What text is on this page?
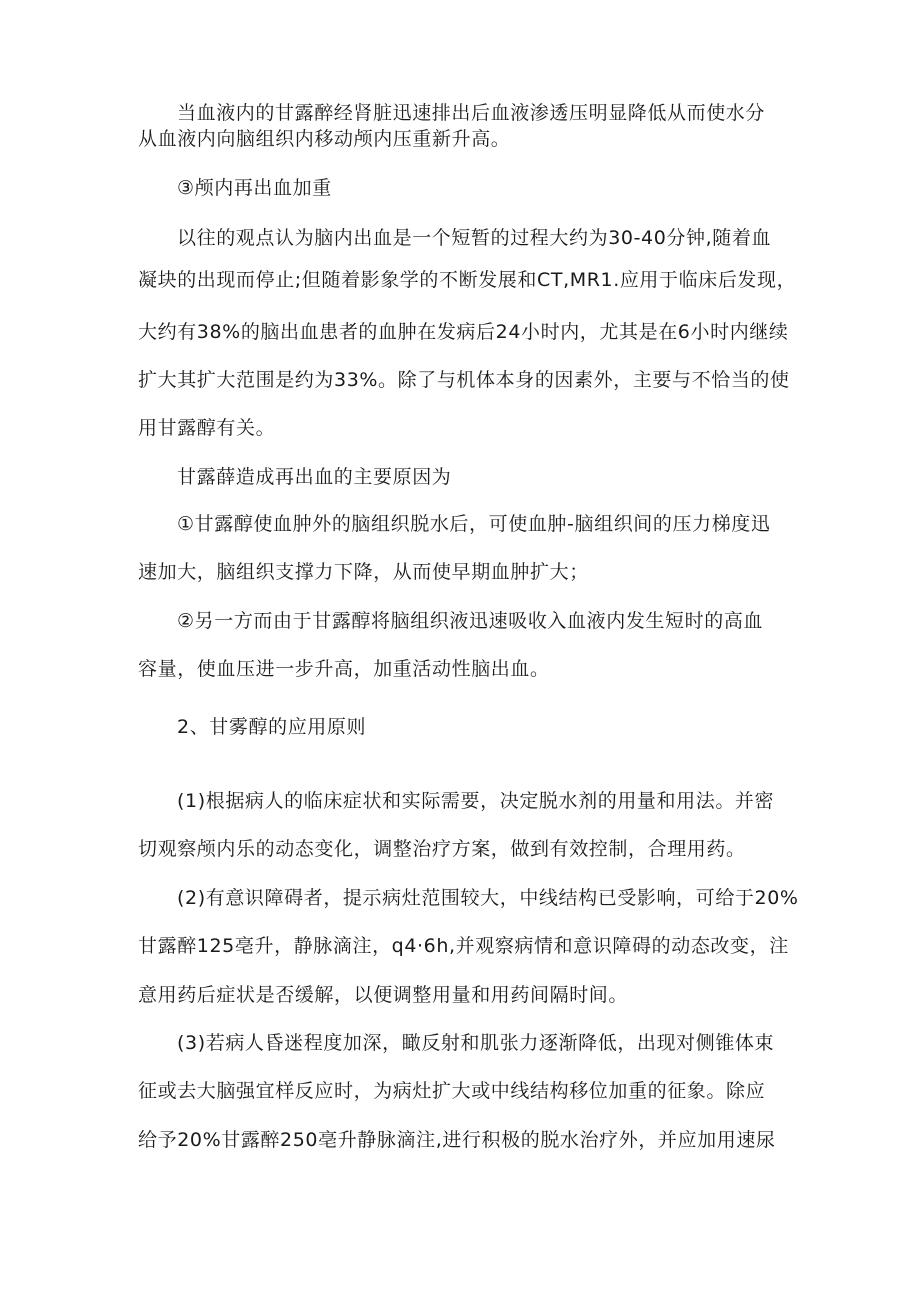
当血液内的甘露醉经肾脏迅速排出后血液渗透压明显降低从而使水分
从血液内向脑组织内移动颅内压重新升高。
③颅内再出血加重
以往的观点认为脑内出血是一个短暂的过程大约为30-40分钟,随着血
凝块的出现而停止;但随着影象学的不断发展和CT,MR1.应用于临床后发现，
大约有38%的脑出血患者的血肿在发病后24小时内，尤其是在6小时内继续
扩大其扩大范围是约为33%。除了与机体本身的因素外，主要与不恰当的使
用甘露醇有关。
甘露薛造成再出血的主要原因为
①甘露醇使血肿外的脑组织脱水后，可使血肿-脑组织间的压力梯度迅
速加大，脑组织支撑力下降，从而使早期血肿扩大；
②另一方而由于甘露醇将脑组织液迅速吸收入血液内发生短时的高血
容量，使血压进一步升高，加重活动性脑出血。
2、甘雾醇的应用原则
(1)根据病人的临床症状和实际需要，决定脱水剂的用量和用法。并密
切观察颅内乐的动态变化，调整治疗方案，做到有效控制，合理用药。
(2)有意识障碍者，提示病灶范围较大，中线结构已受影响，可给于20%
甘露醉125亳升，静脉滴注，q4·6h,并观察病情和意识障碍的动态改变，注
意用药后症状是否缓解，以便调整用量和用药间隔时间。
(3)若病人昏迷程度加深，瞰反射和肌张力逐渐降低，出现对侧锥体束
征或去大脑强宜样反应时，为病灶扩大或中线结构移位加重的征象。除应
给予20%甘露醉250亳升静脉滴注,进行积极的脱水治疗外，并应加用速尿
